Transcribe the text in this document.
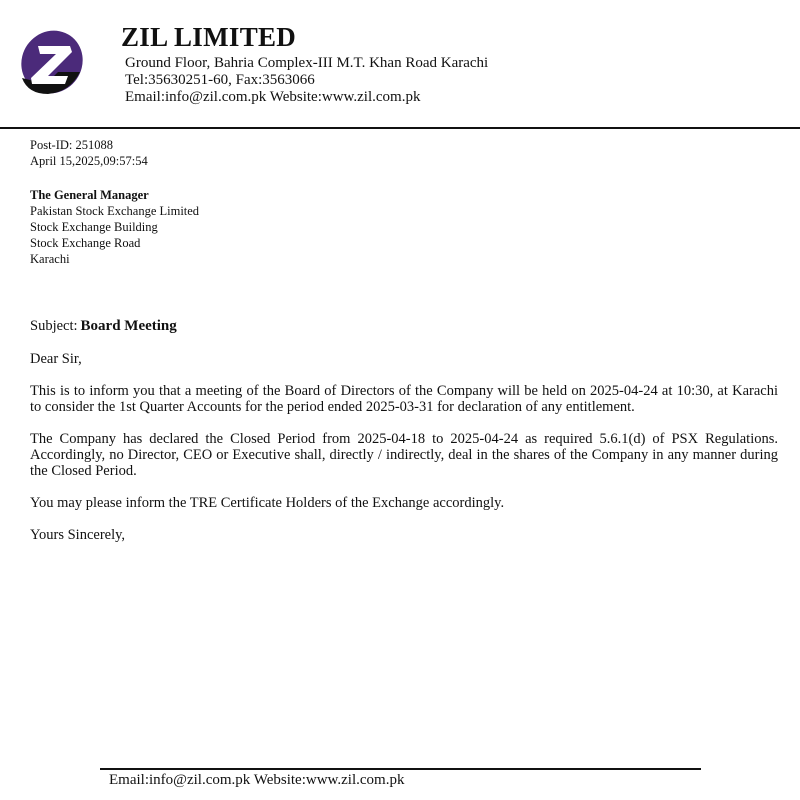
ZIL LIMITED
Ground Floor, Bahria Complex-III M.T. Khan Road Karachi
Tel:35630251-60, Fax:3563066
Email:info@zil.com.pk Website:www.zil.com.pk
Post-ID: 251088
April 15,2025,09:57:54
The General Manager
Pakistan Stock Exchange Limited
Stock Exchange Building
Stock Exchange Road
Karachi
Subject: Board Meeting

Dear Sir,

This is to inform you that a meeting of the Board of Directors of the Company will be held on 2025-04-24 at 10:30, at Karachi to consider the 1st Quarter Accounts for the period ended 2025-03-31 for declaration of any entitlement.

The Company has declared the Closed Period from 2025-04-18 to 2025-04-24 as required 5.6.1(d) of PSX Regulations. Accordingly, no Director, CEO or Executive shall, directly / indirectly, deal in the shares of the Company in any manner during the Closed Period.

You may please inform the TRE Certificate Holders of the Exchange accordingly.

Yours Sincerely,

Email:info@zil.com.pk Website:www.zil.com.pk
